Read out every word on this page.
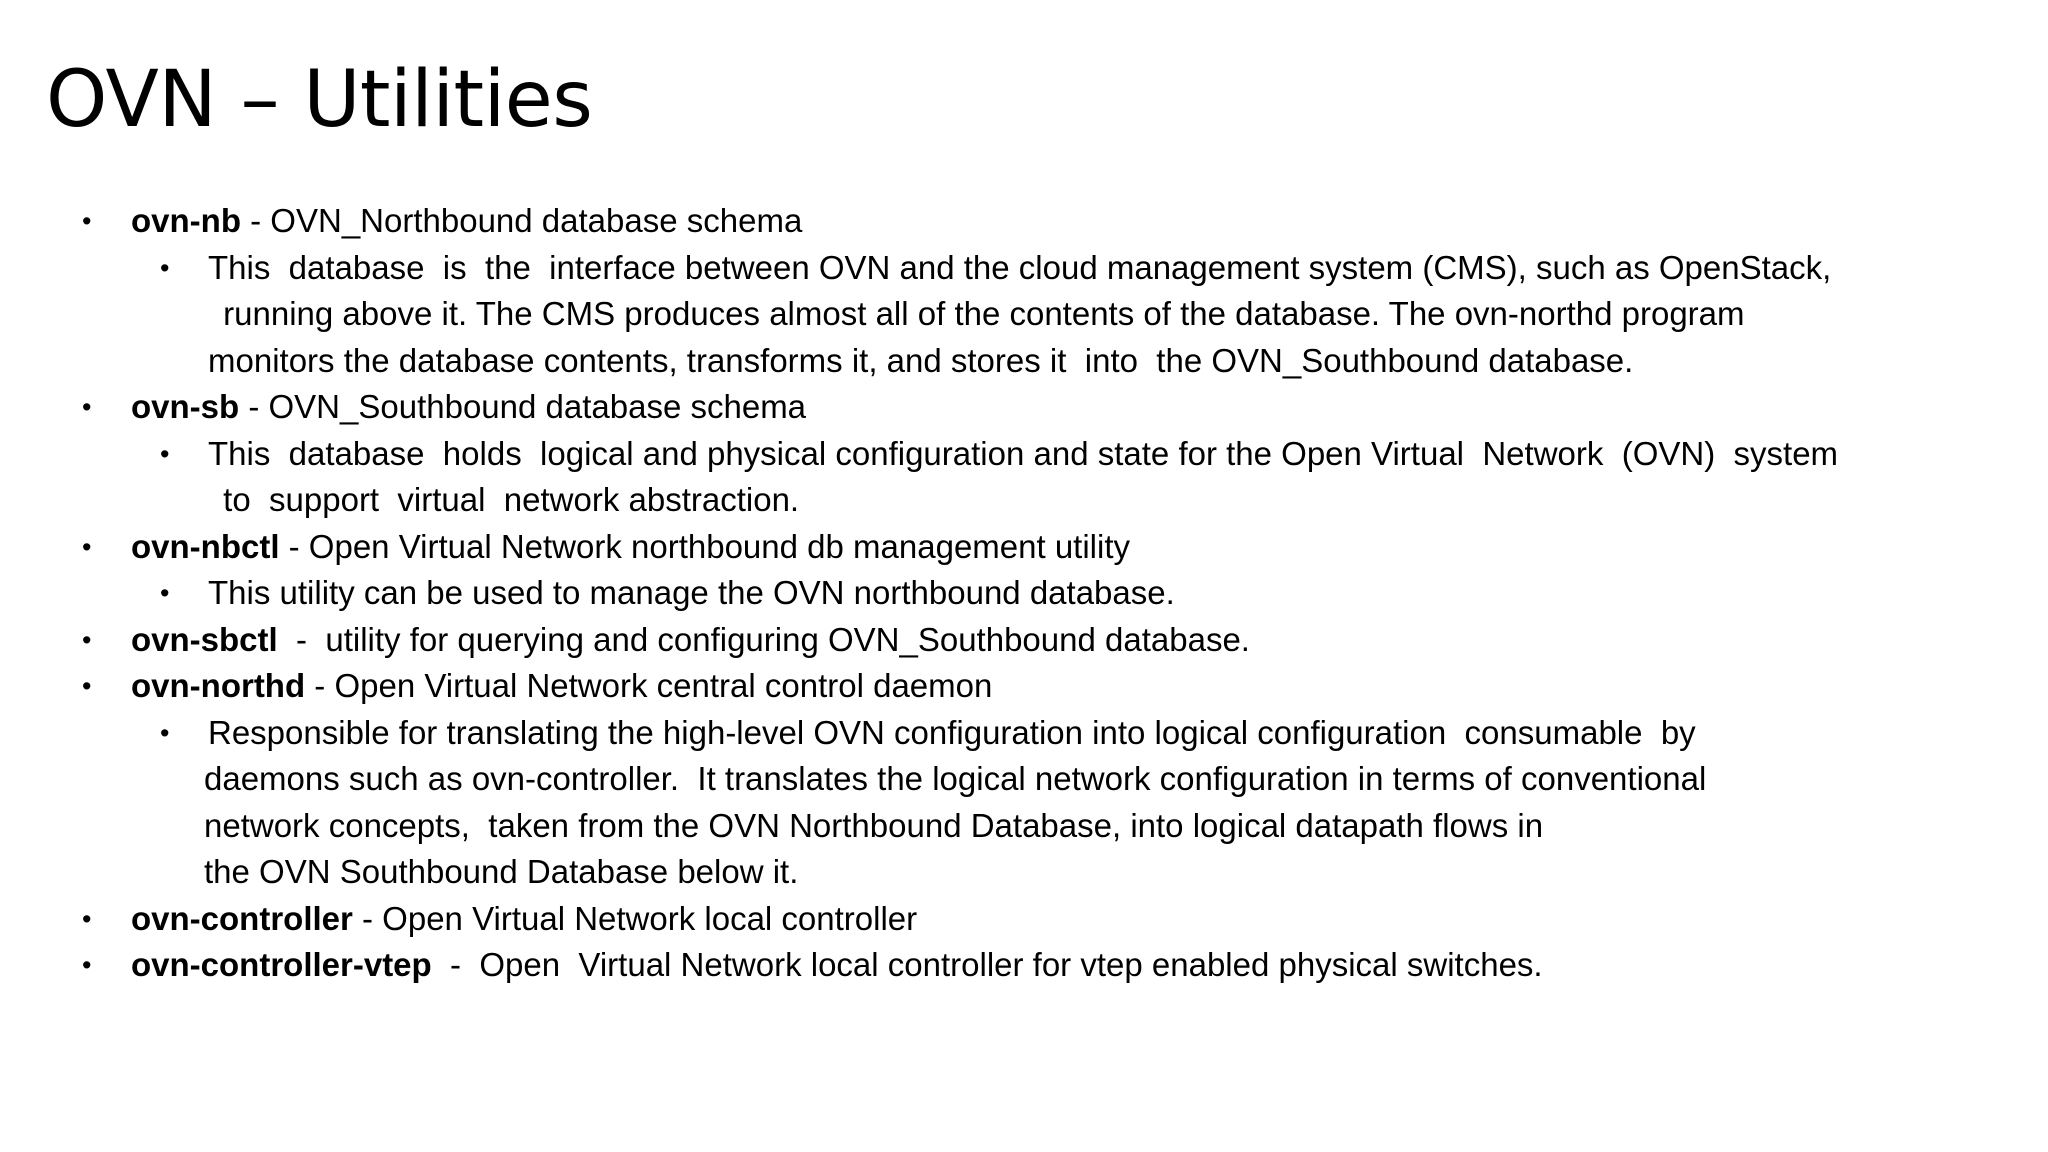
OVN – Utilities
• ovn-nb - OVN_Northbound database schema
• This  database  is  the  interface between OVN and the cloud management system (CMS), such as OpenStack,
running above it. The CMS produces almost all of the contents of the database. The ovn-northd program
monitors the database contents, transforms it, and stores it  into  the OVN_Southbound database.
• ovn-sb - OVN_Southbound database schema
• This  database  holds  logical and physical configuration and state for the Open Virtual  Network  (OVN)  system
to  support  virtual  network abstraction.
• ovn-nbctl - Open Virtual Network northbound db management utility
• This utility can be used to manage the OVN northbound database.
• ovn-sbctl  -  utility for querying and configuring OVN_Southbound database.
• ovn-northd - Open Virtual Network central control daemon
• Responsible for translating the high-level OVN configuration into logical configuration  consumable  by
daemons such as ovn-controller.  It translates the logical network configuration in terms of conventional
network concepts,  taken from the OVN Northbound Database, into logical datapath flows in
the OVN Southbound Database below it.
• ovn-controller - Open Virtual Network local controller
• ovn-controller-vtep  -  Open  Virtual Network local controller for vtep enabled physical switches.
